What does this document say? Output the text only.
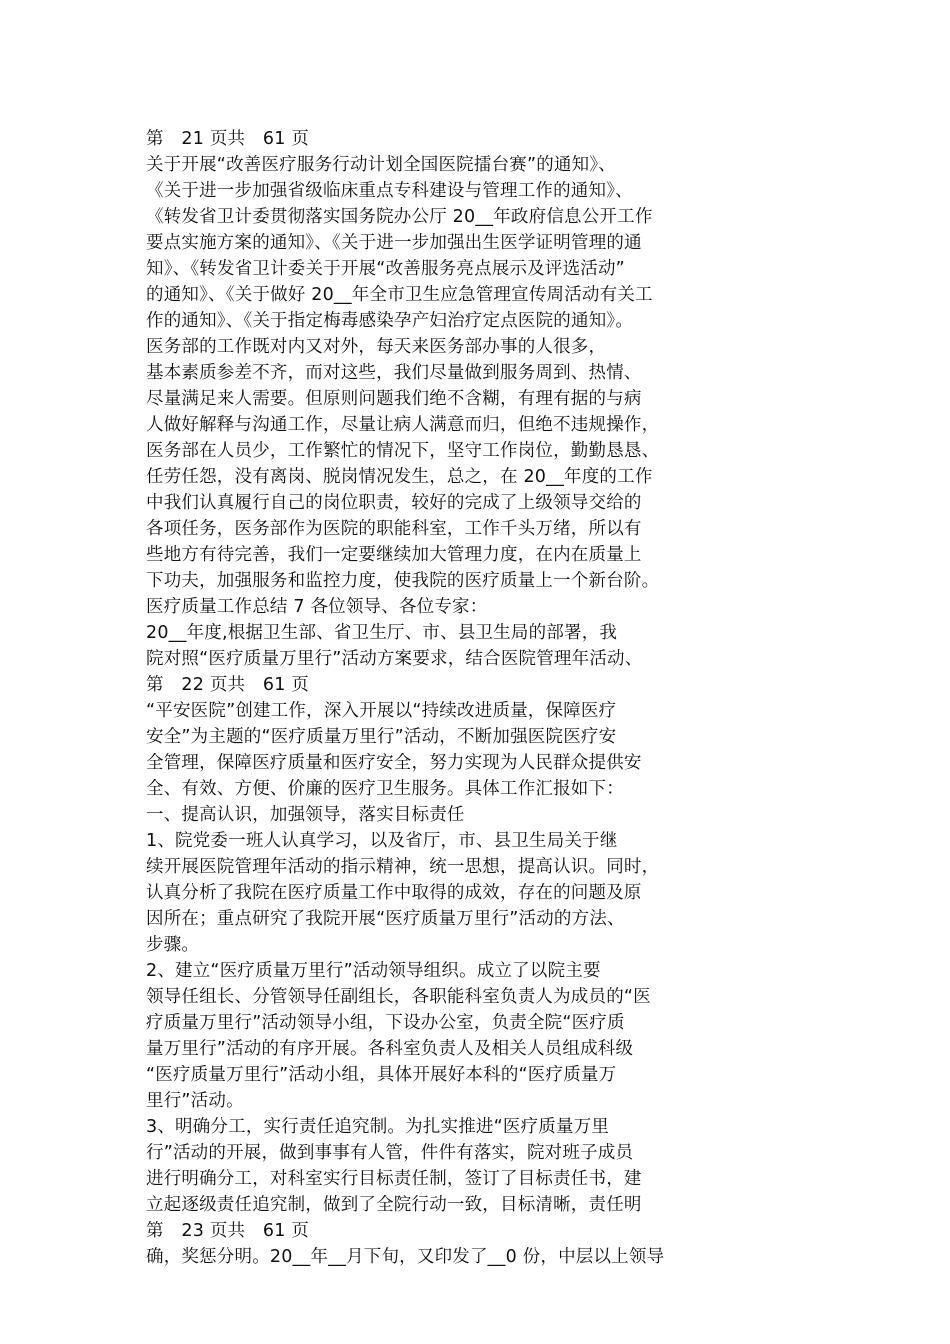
第　21 页共　61 页
关于开展“改善医疗服务行动计划全国医院擂台赛”的通知》、
《关于进一步加强省级临床重点专科建设与管理工作的通知》、
《转发省卫计委贯彻落实国务院办公厅 20__年政府信息公开工作
要点实施方案的通知》、《关于进一步加强出生医学证明管理的通
知》、《转发省卫计委关于开展“改善服务亮点展示及评选活动”
的通知》、《关于做好 20__年全市卫生应急管理宣传周活动有关工
作的通知》、《关于指定梅毒感染孕产妇治疗定点医院的通知》。
医务部的工作既对内又对外，每天来医务部办事的人很多，
基本素质参差不齐，而对这些，我们尽量做到服务周到、热情、
尽量满足来人需要。但原则问题我们绝不含糊，有理有据的与病
人做好解释与沟通工作，尽量让病人满意而归，但绝不违规操作，
医务部在人员少，工作繁忙的情况下，坚守工作岗位，勤勤恳恳、
任劳任怨，没有离岗、脱岗情况发生，总之，在 20__年度的工作
中我们认真履行自己的岗位职责，较好的完成了上级领导交给的
各项任务，医务部作为医院的职能科室，工作千头万绪，所以有
些地方有待完善，我们一定要继续加大管理力度，在内在质量上
下功夫，加强服务和监控力度，使我院的医疗质量上一个新台阶。
医疗质量工作总结 7 各位领导、各位专家：
20__年度,根据卫生部、省卫生厅、市、县卫生局的部署，我
院对照“医疗质量万里行”活动方案要求，结合医院管理年活动、
第　22 页共　61 页
“平安医院”创建工作，深入开展以“持续改进质量，保障医疗
安全”为主题的“医疗质量万里行”活动，不断加强医院医疗安
全管理，保障医疗质量和医疗安全，努力实现为人民群众提供安
全、有效、方便、价廉的医疗卫生服务。具体工作汇报如下：
一、提高认识，加强领导，落实目标责任
1、院党委一班人认真学习，以及省厅，市、县卫生局关于继
续开展医院管理年活动的指示精神，统一思想，提高认识。同时，
认真分析了我院在医疗质量工作中取得的成效，存在的问题及原
因所在；重点研究了我院开展“医疗质量万里行”活动的方法、
步骤。
2、建立“医疗质量万里行”活动领导组织。成立了以院主要
领导任组长、分管领导任副组长，各职能科室负责人为成员的“医
疗质量万里行”活动领导小组，下设办公室，负责全院“医疗质
量万里行”活动的有序开展。各科室负责人及相关人员组成科级
“医疗质量万里行”活动小组，具体开展好本科的“医疗质量万
里行”活动。
3、明确分工，实行责任追究制。为扎实推进“医疗质量万里
行”活动的开展，做到事事有人管，件件有落实，院对班子成员
进行明确分工，对科室实行目标责任制，签订了目标责任书，建
立起逐级责任追究制，做到了全院行动一致，目标清晰，责任明
第　23 页共　61 页
确，奖惩分明。20__年__月下旬，又印发了__0 份，中层以上领导
